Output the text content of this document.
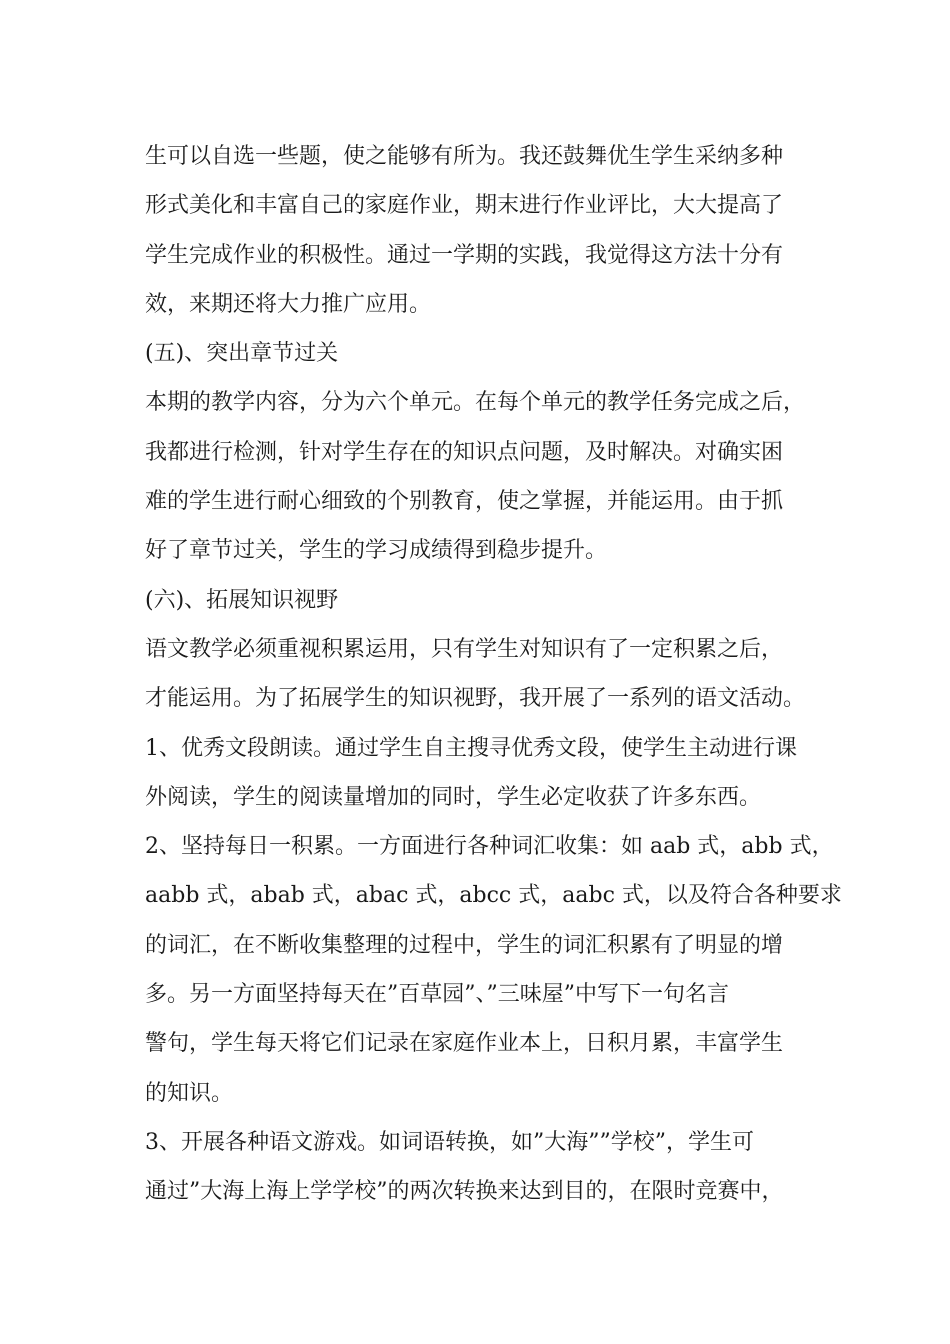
生可以自选一些题，使之能够有所为。我还鼓舞优生学生采纳多种
形式美化和丰富自己的家庭作业，期末进行作业评比，大大提高了
学生完成作业的积极性。通过一学期的实践，我觉得这方法十分有
效，来期还将大力推广应用。
(五)、突出章节过关
本期的教学内容，分为六个单元。在每个单元的教学任务完成之后，
我都进行检测，针对学生存在的知识点问题，及时解决。对确实困
难的学生进行耐心细致的个别教育，使之掌握，并能运用。由于抓
好了章节过关，学生的学习成绩得到稳步提升。
(六)、拓展知识视野
语文教学必须重视积累运用，只有学生对知识有了一定积累之后，
才能运用。为了拓展学生的知识视野，我开展了一系列的语文活动。
1、优秀文段朗读。通过学生自主搜寻优秀文段，使学生主动进行课
外阅读，学生的阅读量增加的同时，学生必定收获了许多东西。
2、坚持每日一积累。一方面进行各种词汇收集：如 aab 式，abb 式，
aabb 式，abab 式，abac 式，abcc 式，aabc 式，以及符合各种要求
的词汇，在不断收集整理的过程中，学生的词汇积累有了明显的增
多。另一方面坚持每天在”百草园”、”三味屋”中写下一句名言
警句，学生每天将它们记录在家庭作业本上，日积月累，丰富学生
的知识。
3、开展各种语文游戏。如词语转换，如”大海””学校”，学生可
通过”大海上海上学学校”的两次转换来达到目的，在限时竞赛中，
